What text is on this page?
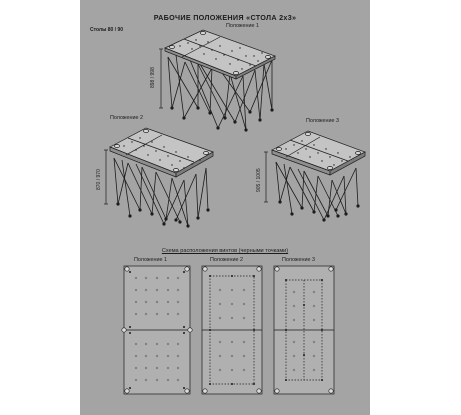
РАБОЧИЕ ПОЛОЖЕНИЯ «СТОЛА 2х3»
Столы 80 / 90
Положение 1
Положение 2	Положение 3
898 / 998
870 / 970	905 / 1005
Схема расположения винтов (черными точками)
Положение 1	Положение 2	Положение 3
